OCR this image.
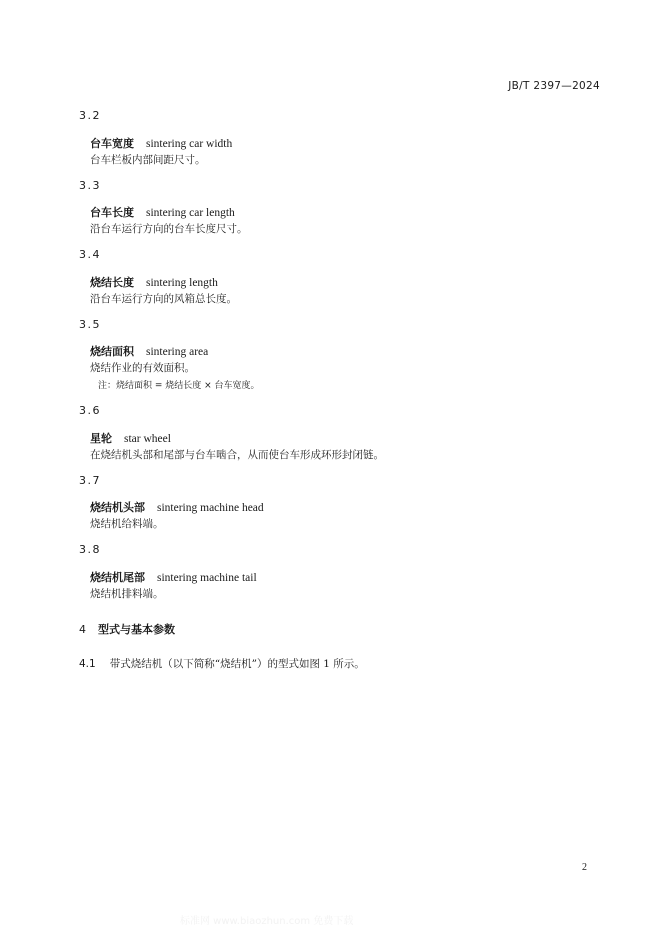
JB/T 2397—2024
3.2
台车宽度 sintering car width
台车栏板内部间距尺寸。
3.3
台车长度 sintering car length
沿台车运行方向的台车长度尺寸。
3.4
烧结长度 sintering length
沿台车运行方向的风箱总长度。
3.5
烧结面积 sintering area
烧结作业的有效面积。
注：烧结面积 = 烧结长度 × 台车宽度。
3.6
星轮 star wheel
在烧结机头部和尾部与台车啮合，从而使台车形成环形封闭链。
3.7
烧结机头部 sintering machine head
烧结机给料端。
3.8
烧结机尾部 sintering machine tail
烧结机排料端。
4 型式与基本参数
4.1 带式烧结机（以下简称“烧结机”）的型式如图 1 所示。
2
标准网 www.biaozhun.com 免费下载
